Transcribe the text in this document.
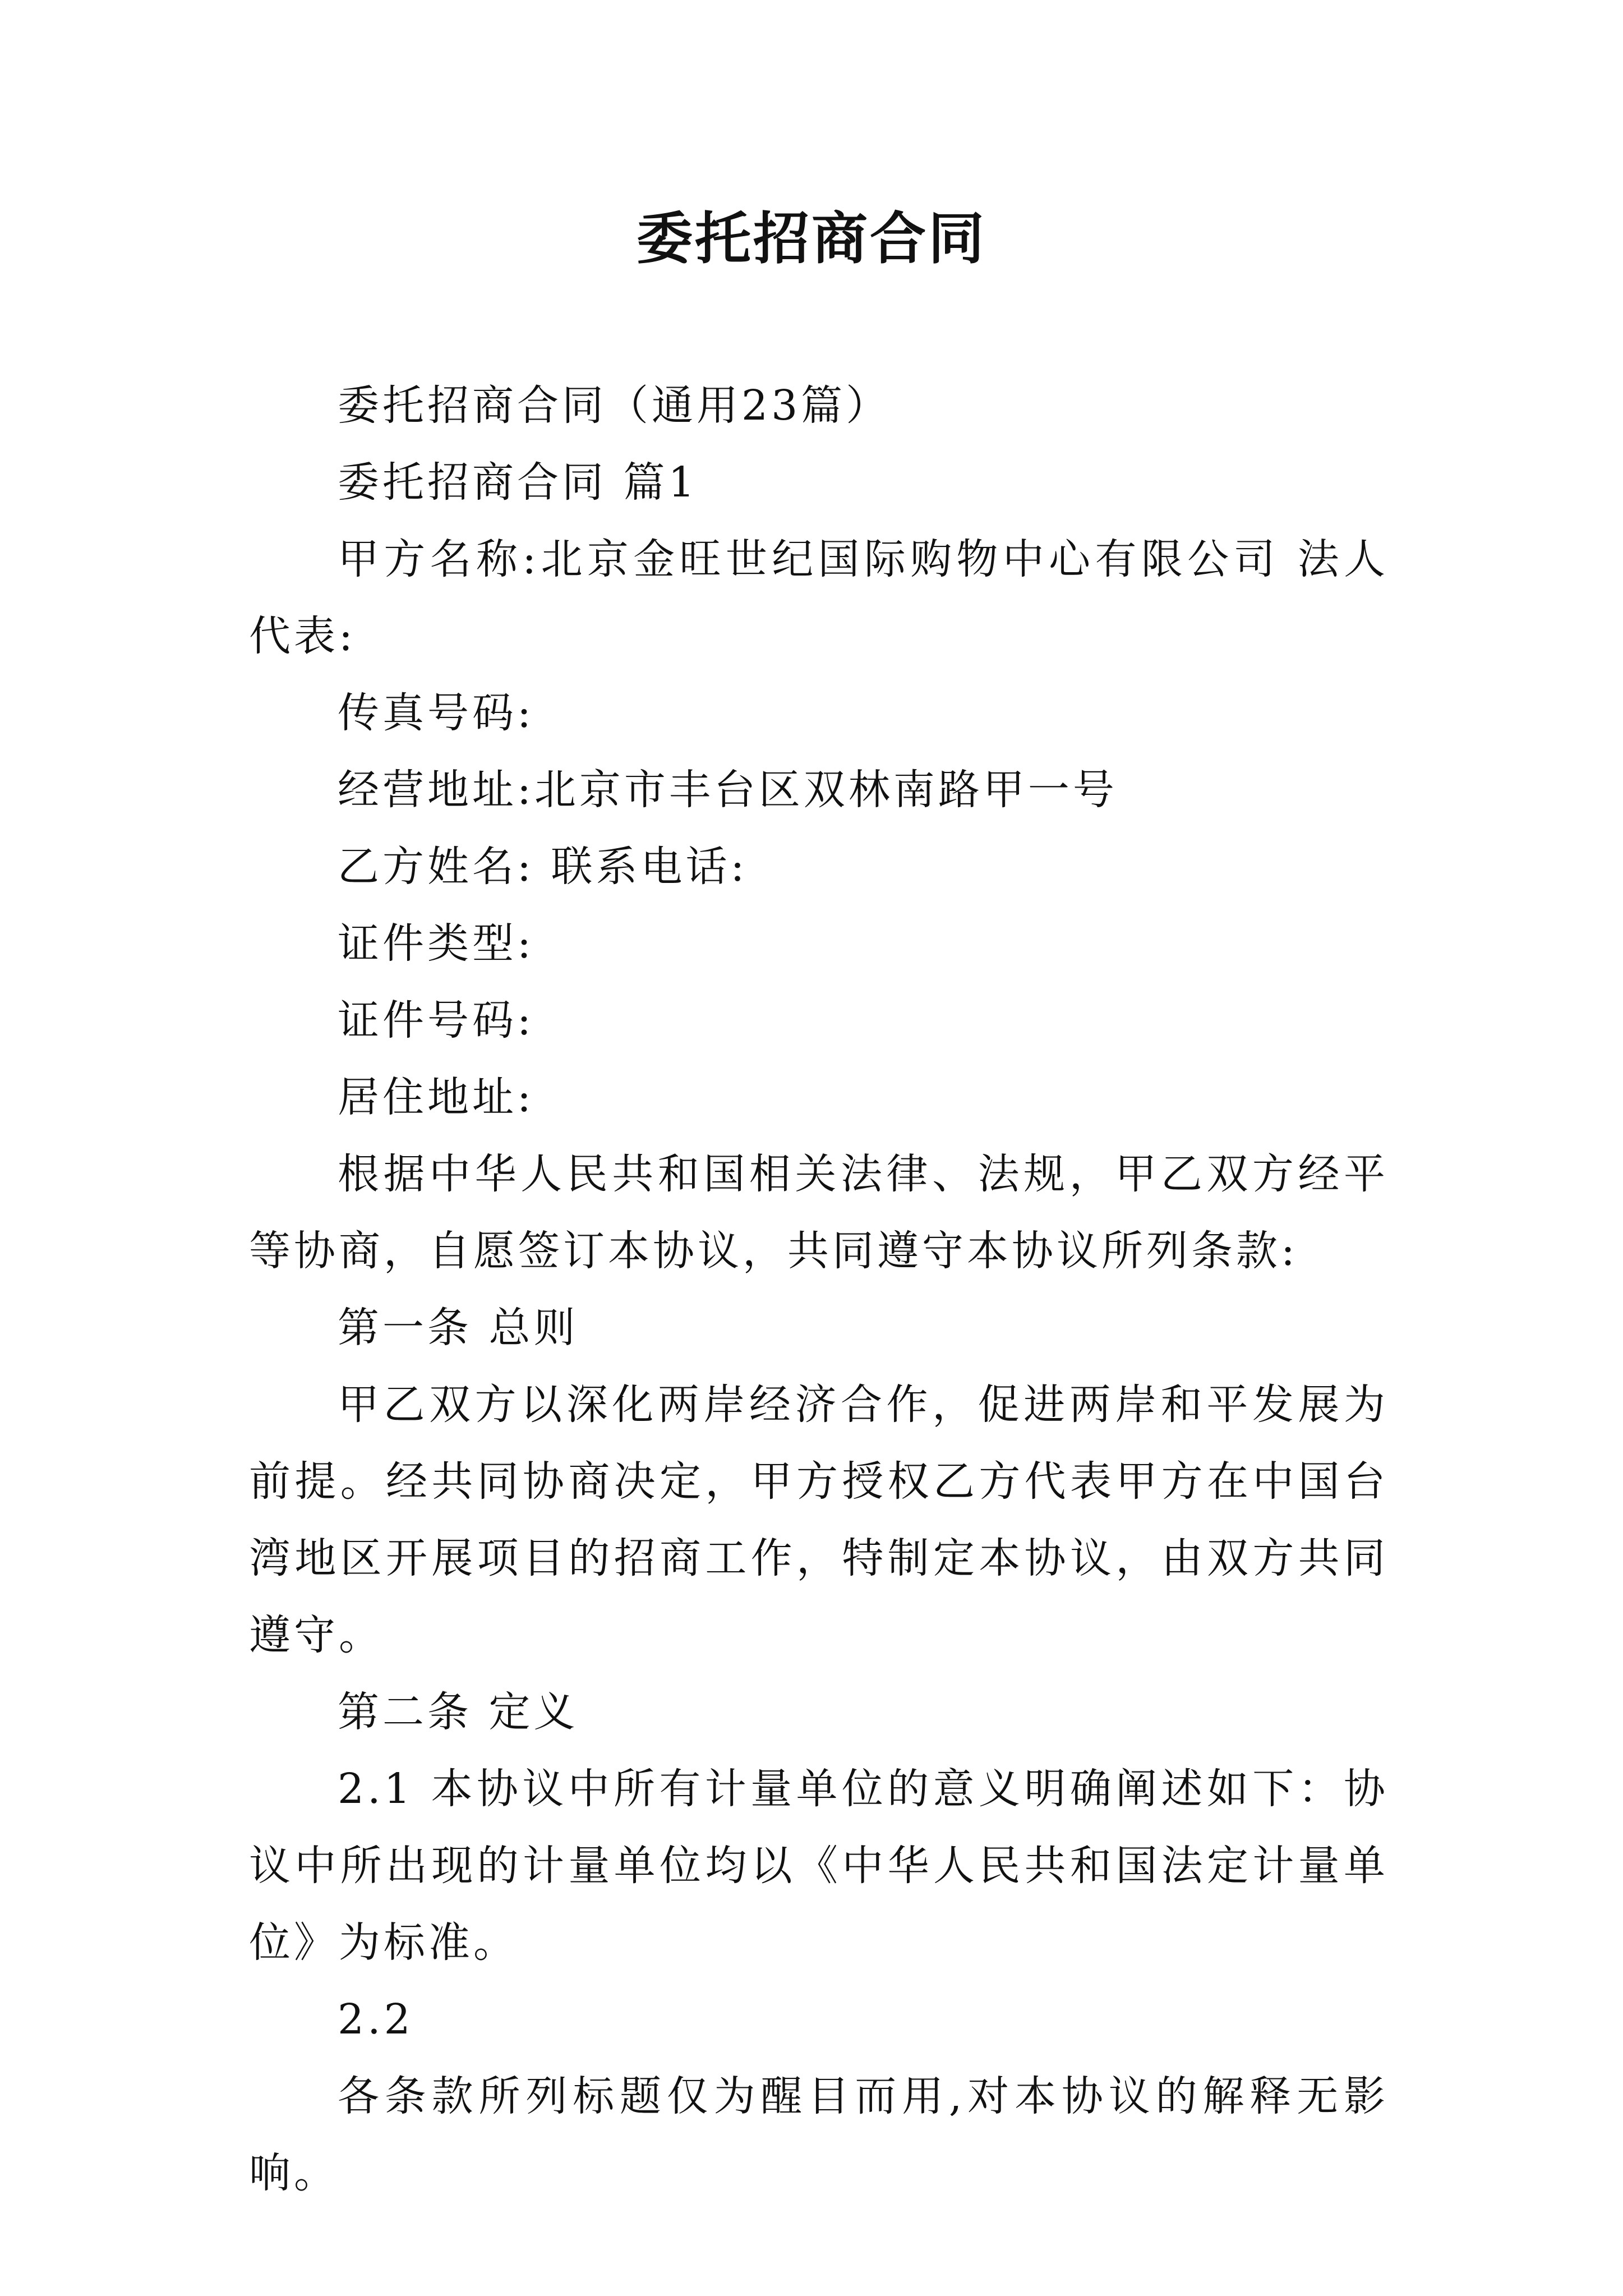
委托招商合同

委托招商合同（通用23篇）

委托招商合同 篇1

甲方名称:北京金旺世纪国际购物中心有限公司 法人代表:

传真号码:

经营地址:北京市丰台区双林南路甲一号

乙方姓名: 联系电话:

证件类型:

证件号码:

居住地址:

根据中华人民共和国相关法律、法规，甲乙双方经平等协商，自愿签订本协议，共同遵守本协议所列条款:

第一条 总则

甲乙双方以深化两岸经济合作，促进两岸和平发展为前提。经共同协商决定，甲方授权乙方代表甲方在中国台湾地区开展项目的招商工作，特制定本协议，由双方共同遵守。

第二条 定义

2.1 本协议中所有计量单位的意义明确阐述如下：协议中所出现的计量单位均以《中华人民共和国法定计量单位》为标准。

2.2

各条款所列标题仅为醒目而用,对本协议的解释无影响。
